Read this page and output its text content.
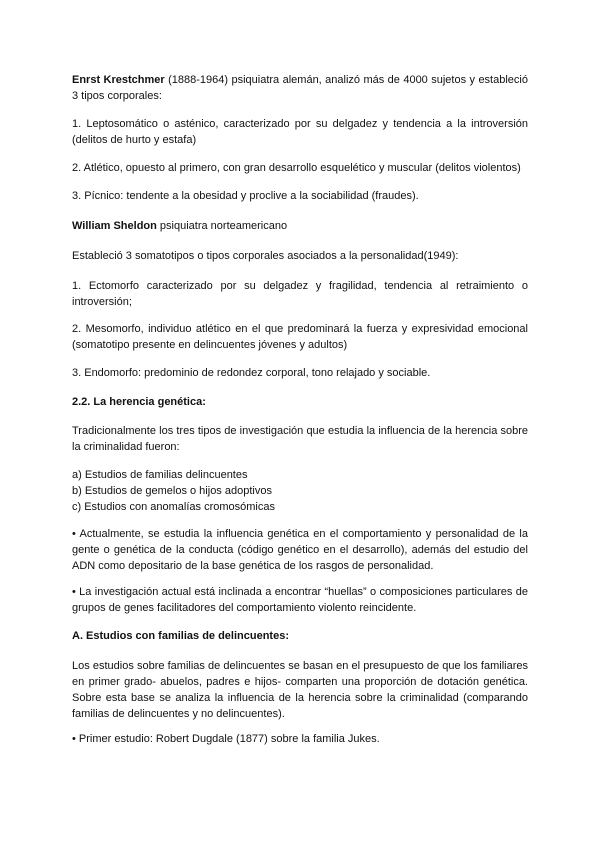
Enrst Krestchmer (1888-1964) psiquiatra alemán, analizó más de 4000 sujetos y estableció 3 tipos corporales:

1. Leptosomático o asténico, caracterizado por su delgadez y tendencia a la introversión (delitos de hurto y estafa)

2. Atlético, opuesto al primero, con gran desarrollo esquelético y muscular (delitos violentos)

3. Pícnico: tendente a la obesidad y proclive a la sociabilidad (fraudes).

William Sheldon psiquiatra norteamericano

Estableció 3 somatotipos o tipos corporales asociados a la personalidad(1949):

1. Ectomorfo caracterizado por su delgadez y fragilidad, tendencia al retraimiento o introversión;

2. Mesomorfo, individuo atlético en el que predominará la fuerza y expresividad emocional (somatotipo presente en delincuentes jóvenes y adultos)

3. Endomorfo: predominio de redondez corporal, tono relajado y sociable.

2.2. La herencia genética:

Tradicionalmente los tres tipos de investigación que estudia la influencia de la herencia sobre la criminalidad fueron:

a) Estudios de familias delincuentes
b) Estudios de gemelos o hijos adoptivos
c) Estudios con anomalías cromosómicas

• Actualmente, se estudia la influencia genética en el comportamiento y personalidad de la gente o genética de la conducta (código genético en el desarrollo), además del estudio del ADN como depositario de la base genética de los rasgos de personalidad.

• La investigación actual está inclinada a encontrar “huellas” o composiciones particulares de grupos de genes facilitadores del comportamiento violento reincidente.

A. Estudios con familias de delincuentes:

Los estudios sobre familias de delincuentes se basan en el presupuesto de que los familiares en primer grado- abuelos, padres e hijos- comparten una proporción de dotación genética. Sobre esta base se analiza la influencia de la herencia sobre la criminalidad (comparando familias de delincuentes y no delincuentes).

• Primer estudio: Robert Dugdale (1877) sobre la familia Jukes.
